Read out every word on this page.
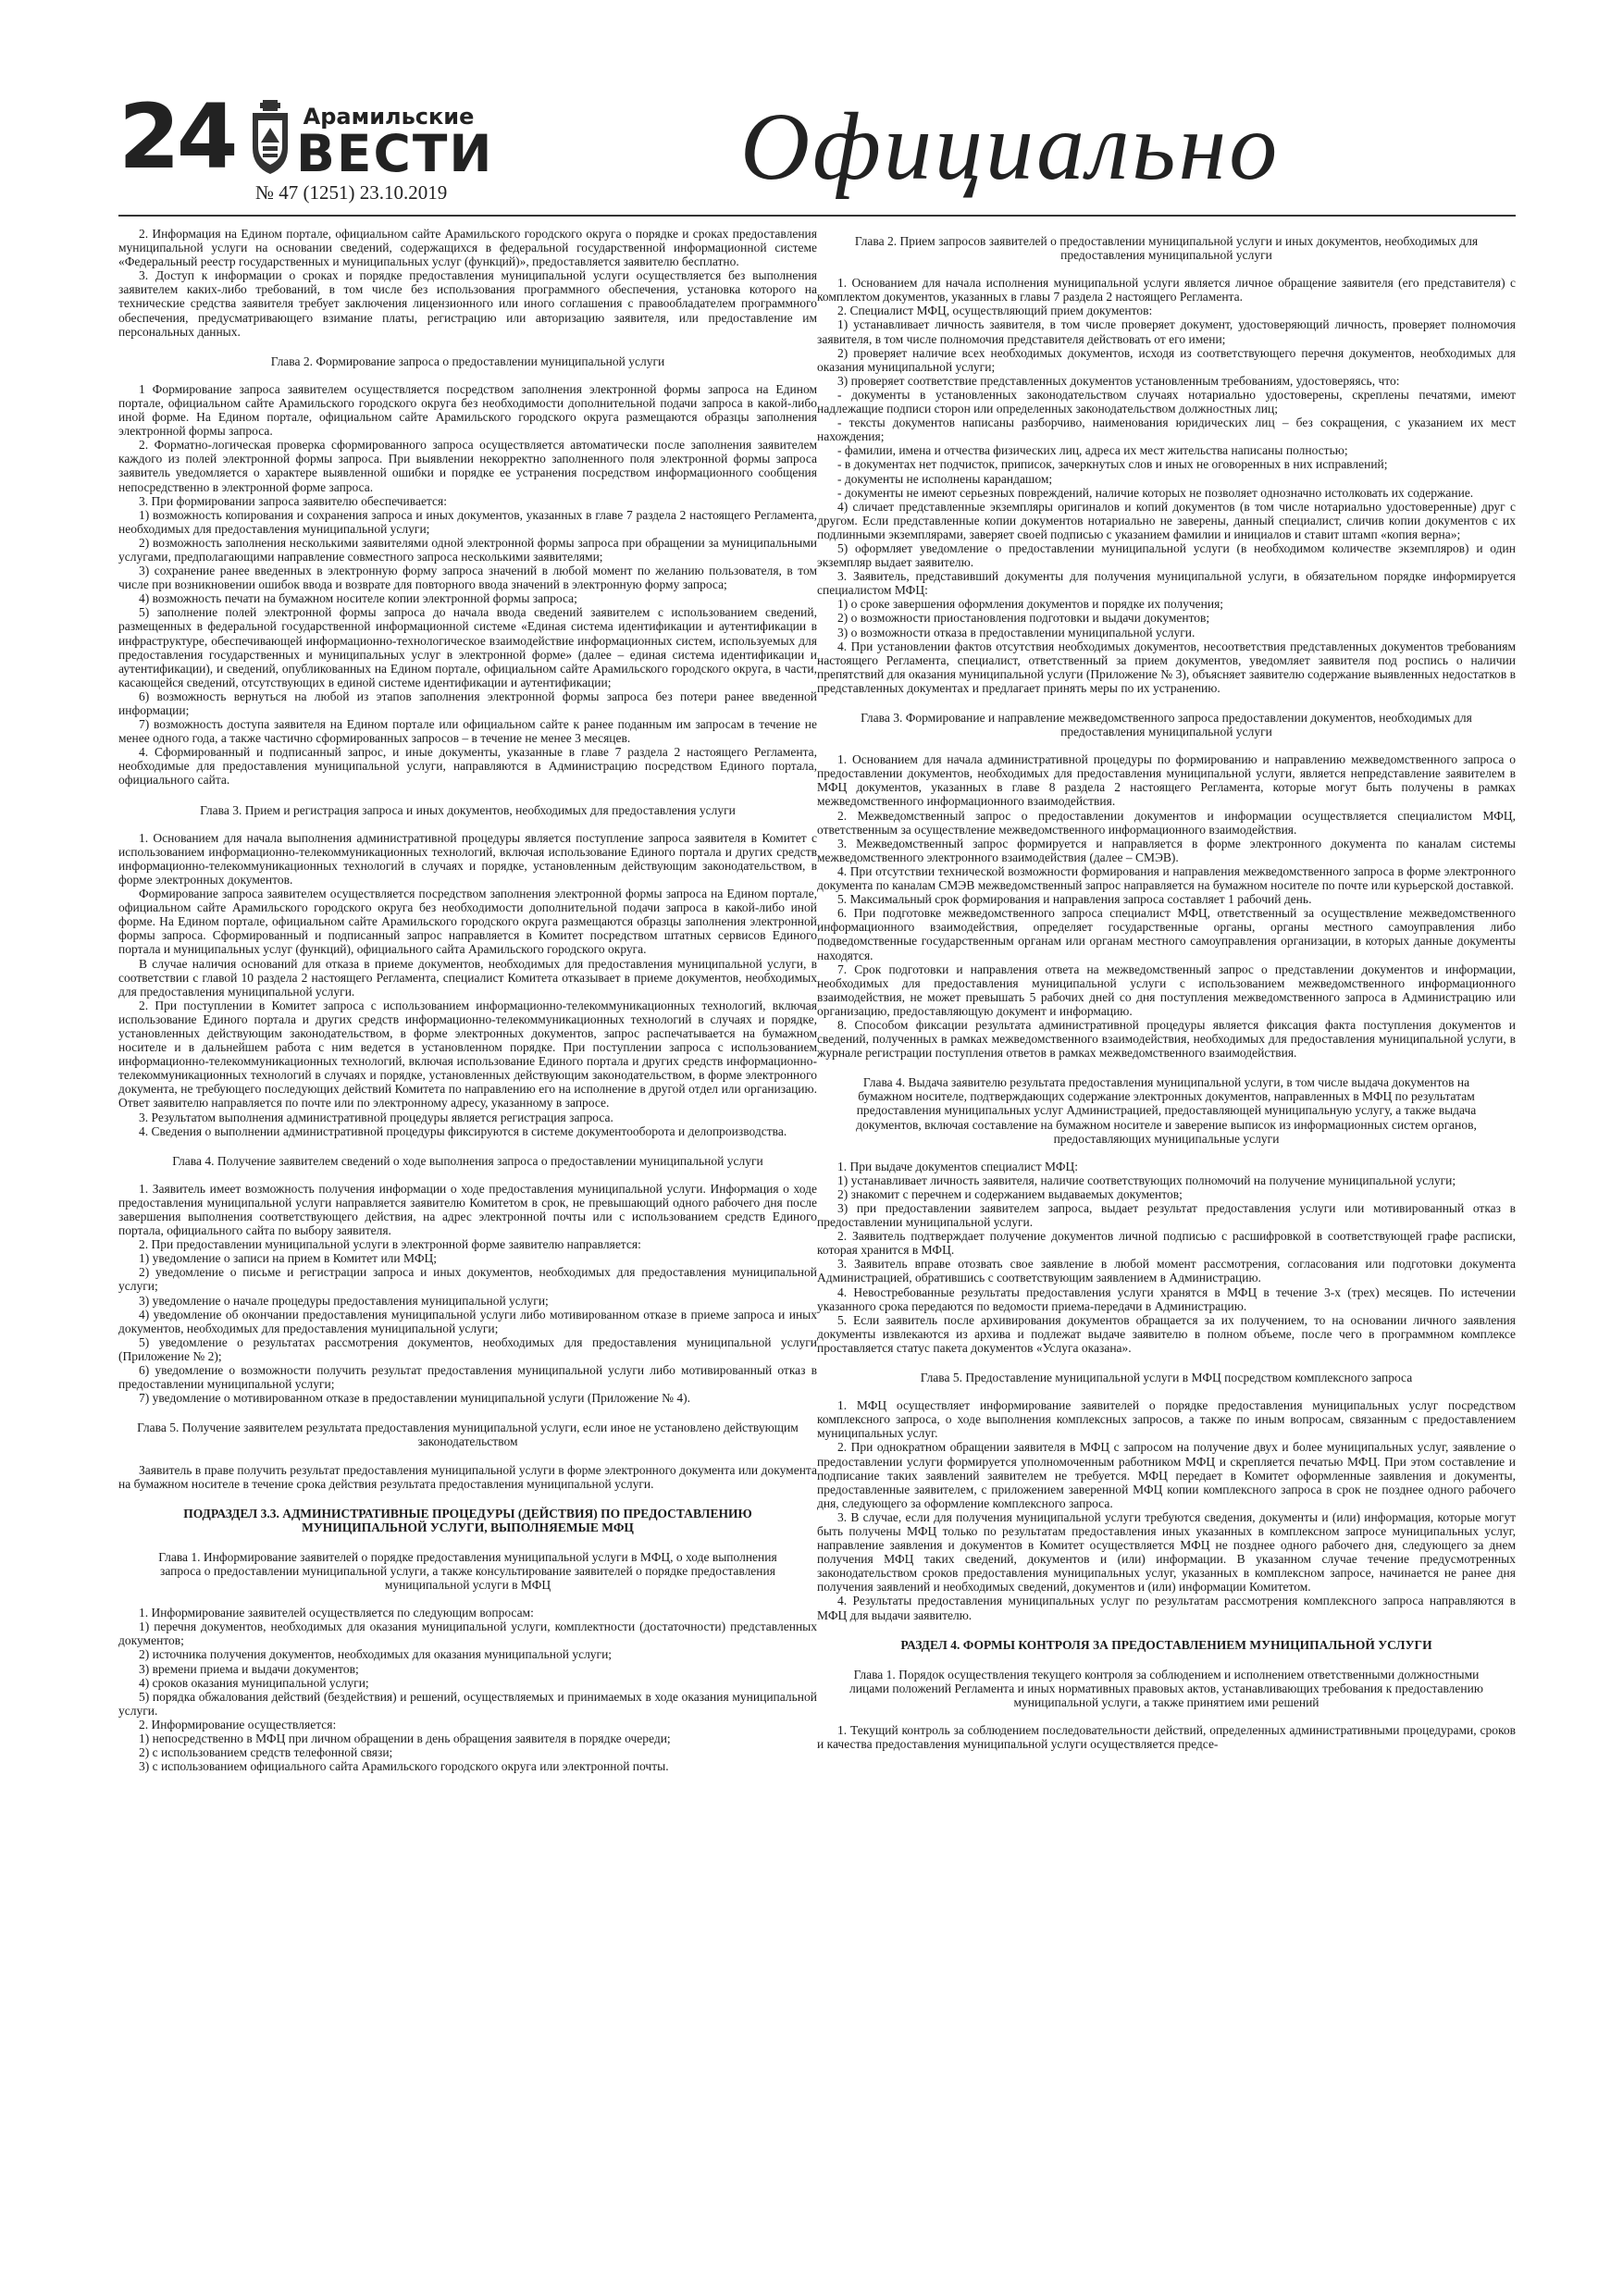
24	Арамильские
ВЕСТИ
№ 47 (1251) 23.10.2019	Официально

2. Информация на Едином портале, официальном сайте Арамильского городского округа о порядке и сроках предоставления муниципальной услуги на основании сведений, содержащихся в федеральной государственной информационной системе «Федеральный реестр государственных и муниципальных услуг (функций)», предоставляется заявителю бесплатно.

3. Доступ к информации о сроках и порядке предоставления муниципальной услуги осуществляется без выполнения заявителем каких-либо требований, в том числе без использования программного обеспечения, установка которого на технические средства заявителя требует заключения лицензионного или иного соглашения с правообладателем программного обеспечения, предусматривающего взимание платы, регистрацию или авторизацию заявителя, или предоставление им персональных данных.

Глава 2. Формирование запроса о предоставлении муниципальной услуги

1 Формирование запроса заявителем осуществляется посредством заполнения электронной формы запроса на Едином портале, официальном сайте Арамильского городского округа без необходимости дополнительной подачи запроса в какой-либо иной форме. На Едином портале, официальном сайте Арамильского городского округа размещаются образцы заполнения электронной формы запроса.

2. Форматно-логическая проверка сформированного запроса осуществляется автоматически после заполнения заявителем каждого из полей электронной формы запроса. При выявлении некорректно заполненного поля электронной формы запроса заявитель уведомляется о характере выявленной ошибки и порядке ее устранения посредством информационного сообщения непосредственно в электронной форме запроса.

3. При формировании запроса заявителю обеспечивается:

1) возможность копирования и сохранения запроса и иных документов, указанных в главе 7 раздела 2 настоящего Регламента, необходимых для предоставления муниципальной услуги;

2) возможность заполнения несколькими заявителями одной электронной формы запроса при обращении за муниципальными услугами, предполагающими направление совместного запроса несколькими заявителями;

3) сохранение ранее введенных в электронную форму запроса значений в любой момент по желанию пользователя, в том числе при возникновении ошибок ввода и возврате для повторного ввода значений в электронную форму запроса;

4) возможность печати на бумажном носителе копии электронной формы запроса;

5) заполнение полей электронной формы запроса до начала ввода сведений заявителем с использованием сведений, размещенных в федеральной государственной информационной системе «Единая система идентификации и аутентификации в инфраструктуре, обеспечивающей информационно-технологическое взаимодействие информационных систем, используемых для предоставления государственных и муниципальных услуг в электронной форме» (далее – единая система идентификации и аутентификации), и сведений, опубликованных на Едином портале, официальном сайте Арамильского городского округа, в части, касающейся сведений, отсутствующих в единой системе идентификации и аутентификации;

6) возможность вернуться на любой из этапов заполнения электронной формы запроса без потери ранее введенной информации;

7) возможность доступа заявителя на Едином портале или официальном сайте к ранее поданным им запросам в течение не менее одного года, а также частично сформированных запросов – в течение не менее 3 месяцев.

4. Сформированный и подписанный запрос, и иные документы, указанные в главе 7 раздела 2 настоящего Регламента, необходимые для предоставления муниципальной услуги, направляются в Администрацию посредством Единого портала, официального сайта.

Глава 3. Прием и регистрация запроса и иных документов, необходимых для предоставления услуги

1. Основанием для начала выполнения административной процедуры является поступление запроса заявителя в Комитет с использованием информационно-телекоммуникационных технологий, включая использование Единого портала и других средств информационно-телекоммуникационных технологий в случаях и порядке, установленным действующим законодательством, в форме электронных документов.

Формирование запроса заявителем осуществляется посредством заполнения электронной формы запроса на Едином портале, официальном сайте Арамильского городского округа без необходимости дополнительной подачи запроса в какой-либо иной форме. На Едином портале, официальном сайте Арамильского городского округа размещаются образцы заполнения электронной формы запроса. Сформированный и подписанный запрос направляется в Комитет посредством штатных сервисов Единого портала и муниципальных услуг (функций), официального сайта Арамильского городского округа.

В случае наличия оснований для отказа в приеме документов, необходимых для предоставления муниципальной услуги, в соответствии с главой 10 раздела 2 настоящего Регламента, специалист Комитета отказывает в приеме документов, необходимых для предоставления муниципальной услуги.

2. При поступлении в Комитет запроса с использованием информационно-телекоммуникационных технологий, включая использование Единого портала и других средств информационно-телекоммуникационных технологий в случаях и порядке, установленных действующим законодательством, в форме электронных документов, запрос распечатывается на бумажном носителе и в дальнейшем работа с ним ведется в установленном порядке. При поступлении запроса с использованием информационно-телекоммуникационных технологий, включая использование Единого портала и других средств информационно-телекоммуникационных технологий в случаях и порядке, установленных действующим законодательством, в форме электронного документа, не требующего последующих действий Комитета по направлению его на исполнение в другой отдел или организацию. Ответ заявителю направляется по почте или по электронному адресу, указанному в запросе.

3. Результатом выполнения административной процедуры является регистрация запроса.

4. Сведения о выполнении административной процедуры фиксируются в системе документооборота и делопроизводства.

Глава 4. Получение заявителем сведений о ходе выполнения запроса о предоставлении муниципальной услуги

1. Заявитель имеет возможность получения информации о ходе предоставления муниципальной услуги. Информация о ходе предоставления муниципальной услуги направляется заявителю Комитетом в срок, не превышающий одного рабочего дня после завершения выполнения соответствующего действия, на адрес электронной почты или с использованием средств Единого портала, официального сайта по выбору заявителя.

2. При предоставлении муниципальной услуги в электронной форме заявителю направляется:

1) уведомление о записи на прием в Комитет или МФЦ;

2) уведомление о письме и регистрации запроса и иных документов, необходимых для предоставления муниципальной услуги;

3) уведомление о начале процедуры предоставления муниципальной услуги;

4) уведомление об окончании предоставления муниципальной услуги либо мотивированном отказе в приеме запроса и иных документов, необходимых для предоставления муниципальной услуги;

5) уведомление о результатах рассмотрения документов, необходимых для предоставления муниципальной услуги (Приложение № 2);

6) уведомление о возможности получить результат предоставления муниципальной услуги либо мотивированный отказ в предоставлении муниципальной услуги;

7) уведомление о мотивированном отказе в предоставлении муниципальной услуги (Приложение № 4).

Глава 5. Получение заявителем результата предоставления муниципальной услуги, если иное не установлено действующим законодательством

Заявитель в праве получить результат предоставления муниципальной услуги в форме электронного документа или документа на бумажном носителе в течение срока действия результата предоставления муниципальной услуги.

ПОДРАЗДЕЛ 3.3. АДМИНИСТРАТИВНЫЕ ПРОЦЕДУРЫ (ДЕЙСТВИЯ) ПО ПРЕДОСТАВЛЕНИЮ МУНИЦИПАЛЬНОЙ УСЛУГИ, ВЫПОЛНЯЕМЫЕ МФЦ

Глава 1. Информирование заявителей о порядке предоставления муниципальной услуги в МФЦ, о ходе выполнения запроса о предоставлении муниципальной услуги, а также консультирование заявителей о порядке предоставления муниципальной услуги в МФЦ

1. Информирование заявителей осуществляется по следующим вопросам:

1) перечня документов, необходимых для оказания муниципальной услуги, комплектности (достаточности) представленных документов;

2) источника получения документов, необходимых для оказания муниципальной услуги;

3) времени приема и выдачи документов;

4) сроков оказания муниципальной услуги;

5) порядка обжалования действий (бездействия) и решений, осуществляемых и принимаемых в ходе оказания муниципальной услуги.

2. Информирование осуществляется:

1) непосредственно в МФЦ при личном обращении в день обращения заявителя в порядке очереди;

2) с использованием средств телефонной связи;

3) с использованием официального сайта Арамильского городского округа или электронной почты.

Глава 2. Прием запросов заявителей о предоставлении муниципальной услуги и иных документов, необходимых для предоставления муниципальной услуги

1. Основанием для начала исполнения муниципальной услуги является личное обращение заявителя (его представителя) с комплектом документов, указанных в главы 7 раздела 2 настоящего Регламента.

2. Специалист МФЦ, осуществляющий прием документов:

1) устанавливает личность заявителя, в том числе проверяет документ, удостоверяющий личность, проверяет полномочия заявителя, в том числе полномочия представителя действовать от его имени;

2) проверяет наличие всех необходимых документов, исходя из соответствующего перечня документов, необходимых для оказания муниципальной услуги;

3) проверяет соответствие представленных документов установленным требованиям, удостоверяясь, что:

- документы в установленных законодательством случаях нотариально удостоверены, скреплены печатями, имеют надлежащие подписи сторон или определенных законодательством должностных лиц;

- тексты документов написаны разборчиво, наименования юридических лиц – без сокращения, с указанием их мест нахождения;

- фамилии, имена и отчества физических лиц, адреса их мест жительства написаны полностью;

- в документах нет подчисток, приписок, зачеркнутых слов и иных не оговоренных в них исправлений;

- документы не исполнены карандашом;

- документы не имеют серьезных повреждений, наличие которых не позволяет однозначно истолковать их содержание.

4) сличает представленные экземпляры оригиналов и копий документов (в том числе нотариально удостоверенные) друг с другом. Если представленные копии документов нотариально не заверены, данный специалист, сличив копии документов с их подлинными экземплярами, заверяет своей подписью с указанием фамилии и инициалов и ставит штамп «копия верна»;

5) оформляет уведомление о предоставлении муниципальной услуги (в необходимом количестве экземпляров) и один экземпляр выдает заявителю.

3. Заявитель, представивший документы для получения муниципальной услуги, в обязательном порядке информируется специалистом МФЦ:

1) о сроке завершения оформления документов и порядке их получения;

2) о возможности приостановления подготовки и выдачи документов;

3) о возможности отказа в предоставлении муниципальной услуги.

4. При установлении фактов отсутствия необходимых документов, несоответствия представленных документов требованиям настоящего Регламента, специалист, ответственный за прием документов, уведомляет заявителя под роспись о наличии препятствий для оказания муниципальной услуги (Приложение № 3), объясняет заявителю содержание выявленных недостатков в представленных документах и предлагает принять меры по их устранению.

Глава 3. Формирование и направление межведомственного запроса предоставлении документов, необходимых для предоставления муниципальной услуги

1. Основанием для начала административной процедуры по формированию и направлению межведомственного запроса о предоставлении документов, необходимых для предоставления муниципальной услуги, является непредставление заявителем в МФЦ документов, указанных в главе 8 раздела 2 настоящего Регламента, которые могут быть получены в рамках межведомственного информационного взаимодействия.

2. Межведомственный запрос о предоставлении документов и информации осуществляется специалистом МФЦ, ответственным за осуществление межведомственного информационного взаимодействия.

3. Межведомственный запрос формируется и направляется в форме электронного документа по каналам системы межведомственного электронного взаимодействия (далее – СМЭВ).

4. При отсутствии технической возможности формирования и направления межведомственного запроса в форме электронного документа по каналам СМЭВ межведомственный запрос направляется на бумажном носителе по почте или курьерской доставкой.

5. Максимальный срок формирования и направления запроса составляет 1 рабочий день.

6. При подготовке межведомственного запроса специалист МФЦ, ответственный за осуществление межведомственного информационного взаимодействия, определяет государственные органы, органы местного самоуправления либо подведомственные государственным органам или органам местного самоуправления организации, в которых данные документы находятся.

7. Срок подготовки и направления ответа на межведомственный запрос о представлении документов и информации, необходимых для предоставления муниципальной услуги с использованием межведомственного информационного взаимодействия, не может превышать 5 рабочих дней со дня поступления межведомственного запроса в Администрацию или организацию, предоставляющую документ и информацию.

8. Способом фиксации результата административной процедуры является фиксация факта поступления документов и сведений, полученных в рамках межведомственного взаимодействия, необходимых для предоставления муниципальной услуги, в журнале регистрации поступления ответов в рамках межведомственного взаимодействия.

Глава 4. Выдача заявителю результата предоставления муниципальной услуги, в том числе выдача документов на бумажном носителе, подтверждающих содержание электронных документов, направленных в МФЦ по результатам предоставления муниципальных услуг Администрацией, предоставляющей муниципальную услугу, а также выдача документов, включая составление на бумажном носителе и заверение выписок из информационных систем органов, предоставляющих муниципальные услуги

1. При выдаче документов специалист МФЦ:

1) устанавливает личность заявителя, наличие соответствующих полномочий на получение муниципальной услуги;

2) знакомит с перечнем и содержанием выдаваемых документов;

3) при предоставлении заявителем запроса, выдает результат предоставления услуги или мотивированный отказ в предоставлении муниципальной услуги.

2. Заявитель подтверждает получение документов личной подписью с расшифровкой в соответствующей графе расписки, которая хранится в МФЦ.

3. Заявитель вправе отозвать свое заявление в любой момент рассмотрения, согласования или подготовки документа Администрацией, обратившись с соответствующим заявлением в Администрацию.

4. Невостребованные результаты предоставления услуги хранятся в МФЦ в течение 3-х (трех) месяцев. По истечении указанного срока передаются по ведомости приема-передачи в Администрацию.

5. Если заявитель после архивирования документов обращается за их получением, то на основании личного заявления документы извлекаются из архива и подлежат выдаче заявителю в полном объеме, после чего в программном комплексе проставляется статус пакета документов «Услуга оказана».

Глава 5. Предоставление муниципальной услуги в МФЦ посредством комплексного запроса

1. МФЦ осуществляет информирование заявителей о порядке предоставления муниципальных услуг посредством комплексного запроса, о ходе выполнения комплексных запросов, а также по иным вопросам, связанным с предоставлением муниципальных услуг.

2. При однократном обращении заявителя в МФЦ с запросом на получение двух и более муниципальных услуг, заявление о предоставлении услуги формируется уполномоченным работником МФЦ и скрепляется печатью МФЦ. При этом составление и подписание таких заявлений заявителем не требуется. МФЦ передает в Комитет оформленные заявления и документы, предоставленные заявителем, с приложением заверенной МФЦ копии комплексного запроса в срок не позднее одного рабочего дня, следующего за оформление комплексного запроса.

3. В случае, если для получения муниципальной услуги требуются сведения, документы и (или) информация, которые могут быть получены МФЦ только по результатам предоставления иных указанных в комплексном запросе муниципальных услуг, направление заявления и документов в Комитет осуществляется МФЦ не позднее одного рабочего дня, следующего за днем получения МФЦ таких сведений, документов и (или) информации. В указанном случае течение предусмотренных законодательством сроков предоставления муниципальных услуг, указанных в комплексном запросе, начинается не ранее дня получения заявлений и необходимых сведений, документов и (или) информации Комитетом.

4. Результаты предоставления муниципальных услуг по результатам рассмотрения комплексного запроса направляются в МФЦ для выдачи заявителю.

РАЗДЕЛ 4. ФОРМЫ КОНТРОЛЯ ЗА ПРЕДОСТАВЛЕНИЕМ МУНИЦИПАЛЬНОЙ УСЛУГИ

Глава 1. Порядок осуществления текущего контроля за соблюдением и исполнением ответственными должностными лицами положений Регламента и иных нормативных правовых актов, устанавливающих требования к предоставлению муниципальной услуги, а также принятием ими решений

1. Текущий контроль за соблюдением последовательности действий, определенных административными процедурами, сроков и качества предоставления муниципальной услуги осуществляется предсе-
